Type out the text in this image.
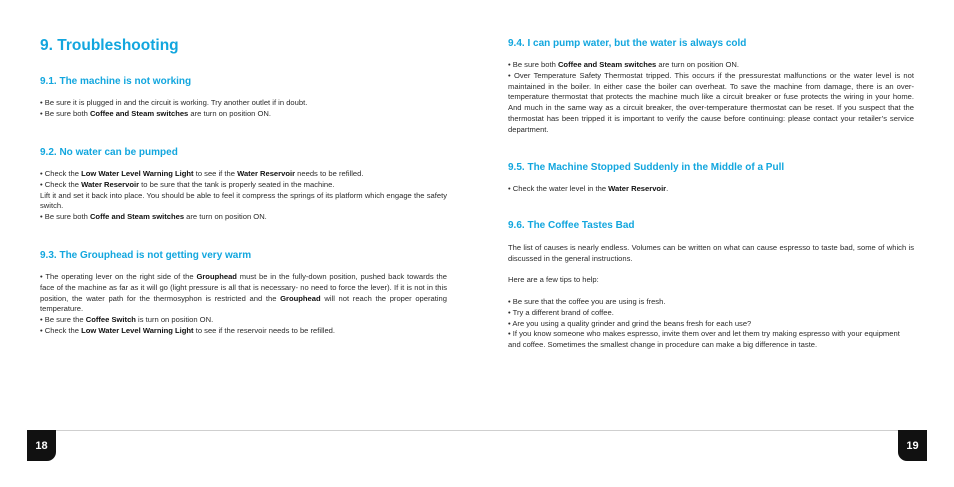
9. Troubleshooting
9.1. The machine is not working

• Be sure it is plugged in and the circuit is working. Try another outlet if in doubt.

• Be sure both Coffee and Steam switches are turn on position ON.

9.2. No water can be pumped

• Check the Low Water Level Warning Light to see if the Water Reservoir needs to be refilled.

• Check the Water Reservoir to be sure that the tank is properly seated in the machine.

Lift it and set it back into place. You should be able to feel it compress the springs of its platform which engage the safety switch.

• Be sure both Coffe and Steam switches are turn on position ON.

9.3. The Grouphead is not getting very warm

• The operating lever on the right side of the Grouphead must be in the fully-down position, pushed back towards the face of the machine as far as it will go (light pressure is all that is necessary- no need to force the lever). If it is not in this position, the water path for the thermosyphon is restricted and the Grouphead will not reach the proper operating temperature.

• Be sure the Coffee Switch is turn on position ON.

• Check the Low Water Level Warning Light to see if the reservoir needs to be refilled.

9.4. I can pump water, but the water is always cold

• Be sure both Coffee and Steam switches are turn on position ON.

• Over Temperature Safety Thermostat tripped. This occurs if the pressurestat malfunctions or the water level is not maintained in the boiler. In either case the boiler can overheat. To save the machine from damage, there is an over-temperature thermostat that protects the machine much like a circuit breaker or fuse protects the wiring in your home. And much in the same way as a circuit breaker, the over-temperature thermostat can be reset. If you suspect that the thermostat has been tripped it is important to verify the cause before continuing: please contact your retailer’s service department.

9.5. The Machine Stopped Suddenly in the Middle of a Pull

• Check the water level in the Water Reservoir.

9.6. The Coffee Tastes Bad

The list of causes is nearly endless. Volumes can be written on what can cause espresso to taste bad, some of which is discussed in the general instructions.

Here are a few tips to help:

• Be sure that the coffee you are using is fresh.

• Try a different brand of coffee.

• Are you using a quality grinder and grind the beans fresh for each use?

• If you know someone who makes espresso, invite them over and let them try making espresso with your equipment and coffee. Sometimes the smallest change in procedure can make a big difference in taste.

18	19
